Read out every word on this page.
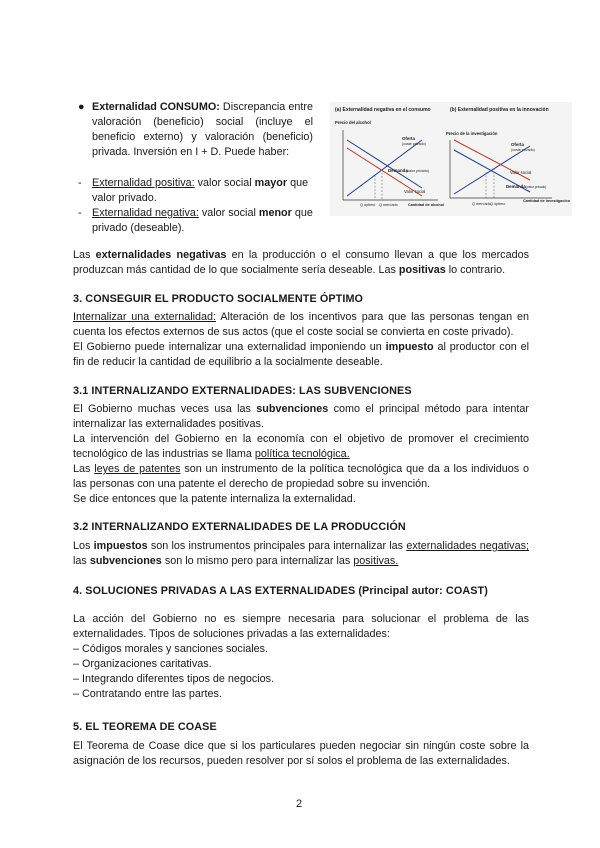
● Externalidad CONSUMO: Discrepancia entre valoración (beneficio) social (incluye el beneficio externo) y valoración (beneficio) privada. Inversión en I + D. Puede haber:

- Externalidad positiva: valor social mayor que valor privado.
- Externalidad negativa: valor social menor que privado (deseable).
(a) Externalidad negativa en el consumo	(b) Externalidad positiva en la innovación
Precio del alcohol
Oferta
(coste privado)
Demanda
(valor privado)
Valor social
Q óptimo Q mercado	Cantidad de alcohol
Precio de la investigación
Oferta
(coste privado)
Valor social
Demanda (valor privado)
Q mercado Q óptimo
Cantidad de investigación
Las externalidades negativas en la producción o el consumo llevan a que los mercados produzcan más cantidad de lo que socialmente sería deseable. Las positivas lo contrario.
3. CONSEGUIR EL PRODUCTO SOCIALMENTE ÓPTIMO

Internalizar una externalidad: Alteración de los incentivos para que las personas tengan en cuenta los efectos externos de sus actos (que el coste social se convierta en coste privado).

El Gobierno puede internalizar una externalidad imponiendo un impuesto al productor con el fin de reducir la cantidad de equilibrio a la socialmente deseable.

3.1 INTERNALIZANDO EXTERNALIDADES: LAS SUBVENCIONES

El Gobierno muchas veces usa las subvenciones como el principal método para intentar internalizar las externalidades positivas.

La intervención del Gobierno en la economía con el objetivo de promover el crecimiento tecnológico de las industrias se llama política tecnológica.

Las leyes de patentes son un instrumento de la política tecnológica que da a los individuos o las personas con una patente el derecho de propiedad sobre su invención.

Se dice entonces que la patente internaliza la externalidad.

3.2 INTERNALIZANDO EXTERNALIDADES DE LA PRODUCCIÓN
Los impuestos son los instrumentos principales para internalizar las externalidades negativas; las subvenciones son lo mismo pero para internalizar las positivas.
4. SOLUCIONES PRIVADAS A LAS EXTERNALIDADES (Principal autor: COAST)

La acción del Gobierno no es siempre necesaria para solucionar el problema de las externalidades. Tipos de soluciones privadas a las externalidades:

– Códigos morales y sanciones sociales.

– Organizaciones caritativas.

– Integrando diferentes tipos de negocios.

– Contratando entre las partes.

5. EL TEOREMA DE COASE
El Teorema de Coase dice que si los particulares pueden negociar sin ningún coste sobre la asignación de los recursos, pueden resolver por sí solos el problema de las externalidades.
2
